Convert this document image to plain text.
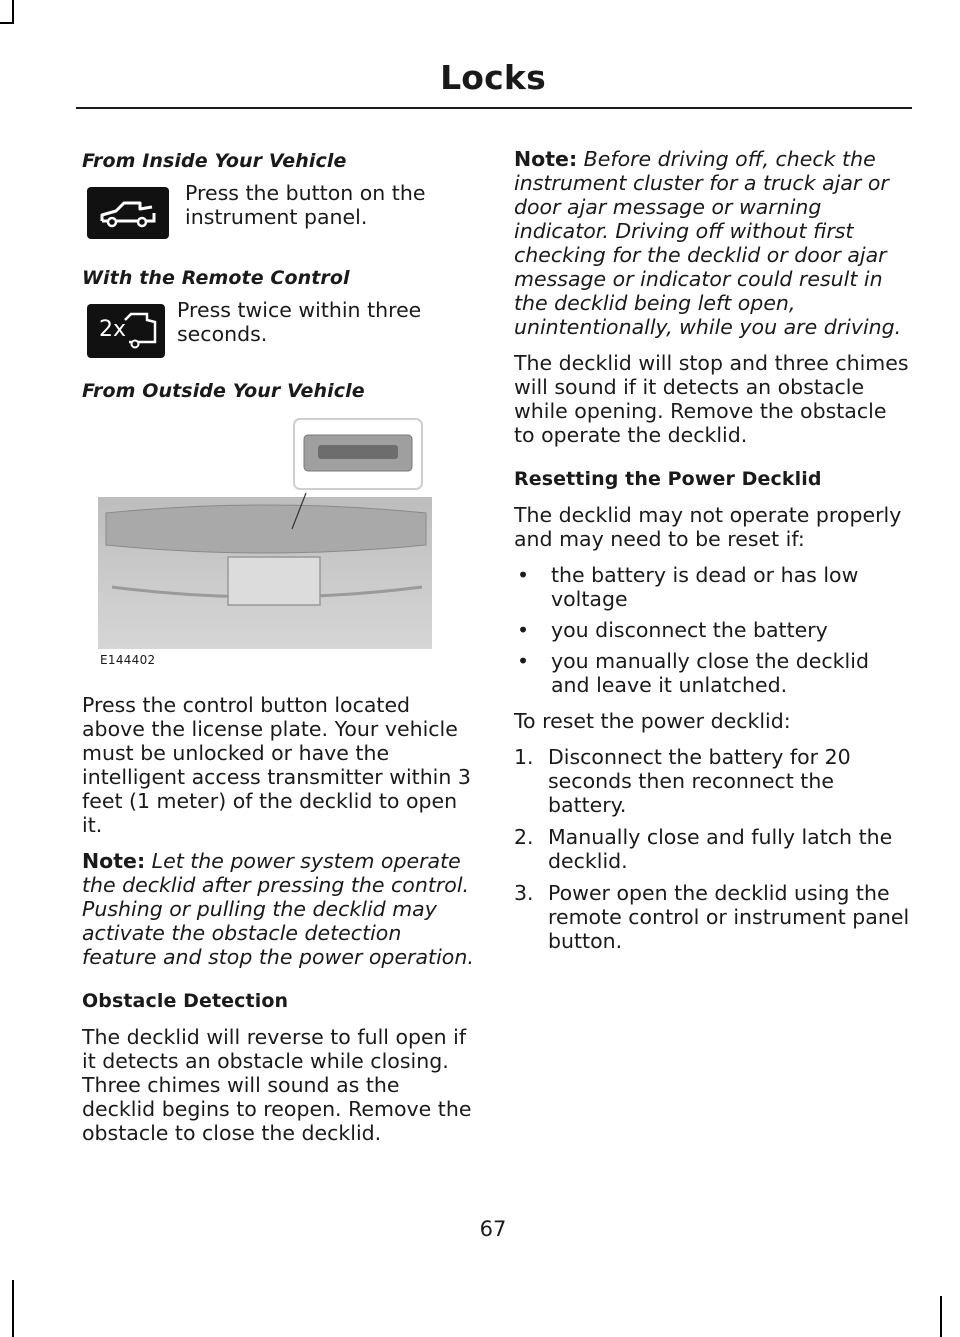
Locks
From Inside Your Vehicle

Press the button on the instrument panel.

With the Remote Control
2x

Press twice within three seconds.

From Outside Your Vehicle
E144402

Press the control button located above the license plate. Your vehicle must be unlocked or have the intelligent access transmitter within 3 feet (1 meter) of the decklid to open it.

Note: Let the power system operate the decklid after pressing the control. Pushing or pulling the decklid may activate the obstacle detection feature and stop the power operation.

Obstacle Detection

The decklid will reverse to full open if it detects an obstacle while closing. Three chimes will sound as the decklid begins to reopen. Remove the obstacle to close the decklid.

Note: Before driving off, check the instrument cluster for a truck ajar or door ajar message or warning indicator. Driving off without first checking for the decklid or door ajar message or indicator could result in the decklid being left open, unintentionally, while you are driving.

The decklid will stop and three chimes will sound if it detects an obstacle while opening. Remove the obstacle to operate the decklid.

Resetting the Power Decklid

The decklid may not operate properly and may need to be reset if:

•	the battery is dead or has low voltage
•	you disconnect the battery
•	you manually close the decklid and leave it unlatched.

To reset the power decklid:

1. Disconnect the battery for 20 seconds then reconnect the battery.
2. Manually close and fully latch the decklid.
3. Power open the decklid using the remote control or instrument panel button.
67
